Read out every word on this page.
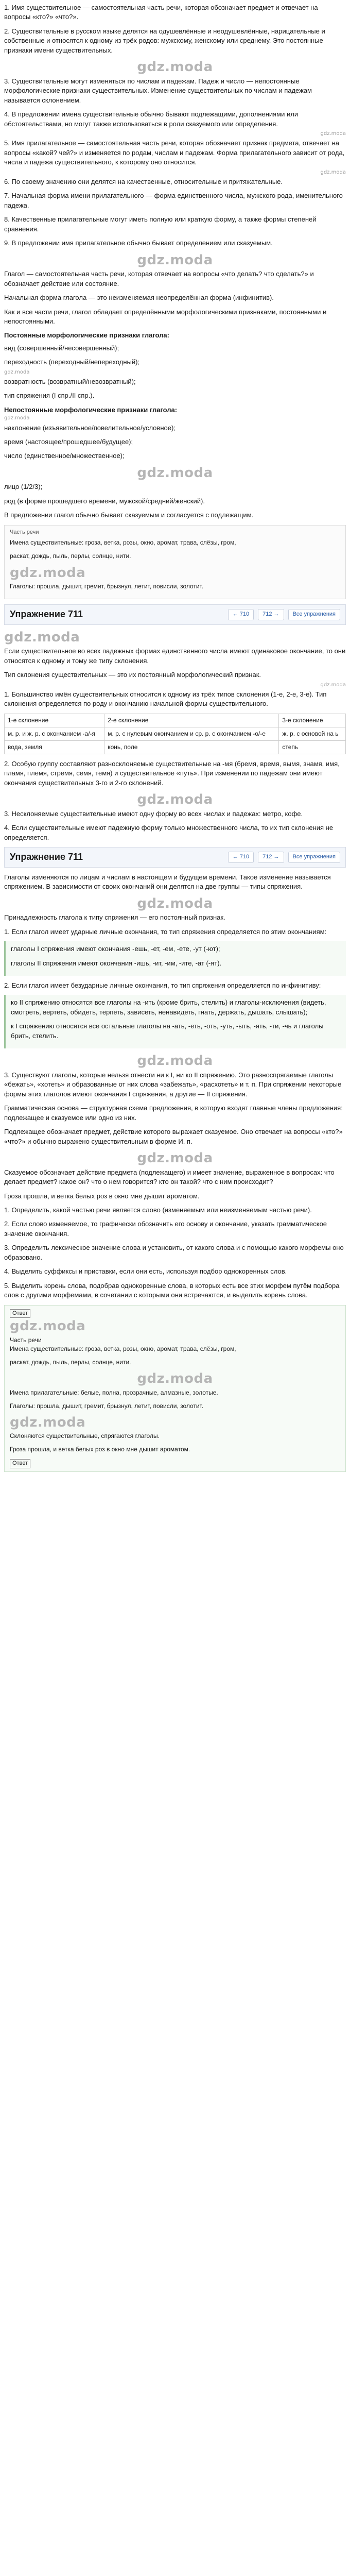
1. Имя существительное — самостоятельная часть речи, которая обозначает предмет и отвечает на вопросы «кто?» «что?».

2. Существительные в русском языке делятся на одушевлённые и неодушевлённые, нарицательные и собственные и относятся к одному из трёх родов: мужскому, женскому или среднему. Это постоянные признаки имени существительных.

gdz.moda

3. Существительные могут изменяться по числам и падежам. Падеж и число — непостоянные морфологические признаки существительных. Изменение существительных по числам и падежам называется склонением.

4. В предложении имена существительные обычно бывают подлежащими, дополнениями или обстоятельствами, но могут также использоваться в роли сказуемого или определения.

gdz.moda

5. Имя прилагательное — самостоятельная часть речи, которая обозначает признак предмета, отвечает на вопросы «какой? чей?» и изменяется по родам, числам и падежам. Форма прилагательного зависит от рода, числа и падежа существительного, к которому оно относится.

gdz.moda

6. По своему значению они делятся на качественные, относительные и притяжательные.

7. Начальная форма имени прилагательного — форма единственного числа, мужского рода, именительного падежа.

8. Качественные прилагательные могут иметь полную или краткую форму, а также формы степеней сравнения.

9. В предложении имя прилагательное обычно бывает определением или сказуемым.

gdz.moda

Глагол — самостоятельная часть речи, которая отвечает на вопросы «что делать? что сделать?» и обозначает действие или состояние.

Начальная форма глагола — это неизменяемая неопределённая форма (инфинитив).

Как и все части речи, глагол обладает определёнными морфологическими признаками, постоянными и непостоянными.

Постоянные морфологические признаки глагола:

вид (совершенный/несовершенный);

переходность (переходный/непереходный);

gdz.moda

возвратность (возвратный/невозвратный);

тип спряжения (I спр./II спр.).

Непостоянные морфологические признаки глагола:
gdz.moda

наклонение (изъявительное/повелительное/условное);

время (настоящее/прошедшее/будущее);

число (единственное/множественное);

gdz.moda

лицо (1/2/3);

род (в форме прошедшего времени, мужской/средний/женский).

В предложении глагол обычно бывает сказуемым и согласуется с подлежащим.

Часть речи

Имена существительные: гроза, ветка, розы, окно, аромат, трава, слёзы, гром,

раскат, дождь, пыль, перлы, солнце, нити.

gdz.moda

Глаголы: прошла, дышит, гремит, брызнул, летит, повисли, золотит.

Упражнение 711	← 710	712 →	Все упражнения
gdz.moda

Если существительное во всех падежных формах единственного числа имеют одинаковое окончание, то они относятся к одному и тому же типу склонения.

Тип склонения существительных — это их постоянный морфологический признак.

gdz.moda

1. Большинство имён существительных относится к одному из трёх типов склонения (1-е, 2-е, 3-е). Тип склонения определяется по роду и окончанию начальной формы существительного.

1-е склонение	2-е склонение	3-е склонение
м. р. и ж. р. с окончанием -а/-я	м. р. с нулевым окончанием и ср. р. с окончанием -о/-е	ж. р. с основой на ь
вода, земля	конь, поле	степь

2. Особую группу составляют разносклоняемые существительные на -мя (бремя, время, вымя, знамя, имя, пламя, племя, стремя, семя, темя) и существительное «путь». При изменении по падежам они имеют окончания существительных 3-го и 2-го склонений.

gdz.moda

3. Несклоняемые существительные имеют одну форму во всех числах и падежах: метро, кофе.

4. Если существительные имеют падежную форму только множественного числа, то их тип склонения не определяется.

Упражнение 711	← 710	712 →	Все упражнения

Глаголы изменяются по лицам и числам в настоящем и будущем времени. Такое изменение называется спряжением. В зависимости от своих окончаний они делятся на две группы — типы спряжения.

gdz.moda

Принадлежность глагола к типу спряжения — его постоянный признак.

1. Если глагол имеет ударные личные окончания, то тип спряжения определяется по этим окончаниям:

глаголы I спряжения имеют окончания -ешь, -ет, -ем, -ете, -ут (-ют);

глаголы II спряжения имеют окончания -ишь, -ит, -им, -ите, -ат (-ят).

2. Если глагол имеет безударные личные окончания, то тип спряжения определяется по инфинитиву:

ко II спряжению относятся все глаголы на -ить (кроме брить, стелить) и глаголы-исключения (видеть, смотреть, вертеть, обидеть, терпеть, зависеть, ненавидеть, гнать, держать, дышать, слышать);

к I спряжению относятся все остальные глаголы на -ать, -еть, -оть, -уть, -ыть, -ять, -ти, -чь и глаголы брить, стелить.

gdz.moda

3. Существуют глаголы, которые нельзя отнести ни к I, ни ко II спряжению. Это разноспрягаемые глаголы «бежать», «хотеть» и образованные от них слова «забежать», «расхотеть» и т. п. При спряжении некоторые формы этих глаголов имеют окончания I спряжения, а другие — II спряжения.

Грамматическая основа — структурная схема предложения, в которую входят главные члены предложения: подлежащее и сказуемое или одно из них.

Подлежащее обозначает предмет, действие которого выражает сказуемое. Оно отвечает на вопросы «кто?» «что?» и обычно выражено существительным в форме И. п.

gdz.moda

Сказуемое обозначает действие предмета (подлежащего) и имеет значение, выраженное в вопросах: что делает предмет? какое он? что о нем говорится? кто он такой? что с ним происходит?

Гроза прошла, и ветка белых роз в окно мне дышит ароматом.

1. Определить, какой частью речи является слово (изменяемым или неизменяемым частью речи).

2. Если слово изменяемое, то графически обозначить его основу и окончание, указать грамматическое значение окончания.

3. Определить лексическое значение слова и установить, от какого слова и с помощью какого морфемы оно образовано.

4. Выделить суффиксы и приставки, если они есть, используя подбор однокоренных слов.

5. Выделить корень слова, подобрав однокоренные слова, в которых есть все этих морфем путём подбора слов с другими морфемами, в сочетании с которыми они встречаются, и выделить корень слова.

Ответ
gdz.moda
Часть речи

Имена существительные: гроза, ветка, розы, окно, аромат, трава, слёзы, гром,

раскат, дождь, пыль, перлы, солнце, нити.

gdz.moda

Имена прилагательные: белые, полна, прозрачные, алмазные, золотые.

Глаголы: прошла, дышит, гремит, брызнул, летит, повисли, золотит.

gdz.moda

Склоняются существительные, спрягаются глаголы.

Гроза прошла, и ветка белых роз в окно мне дышит ароматом.

Ответ
